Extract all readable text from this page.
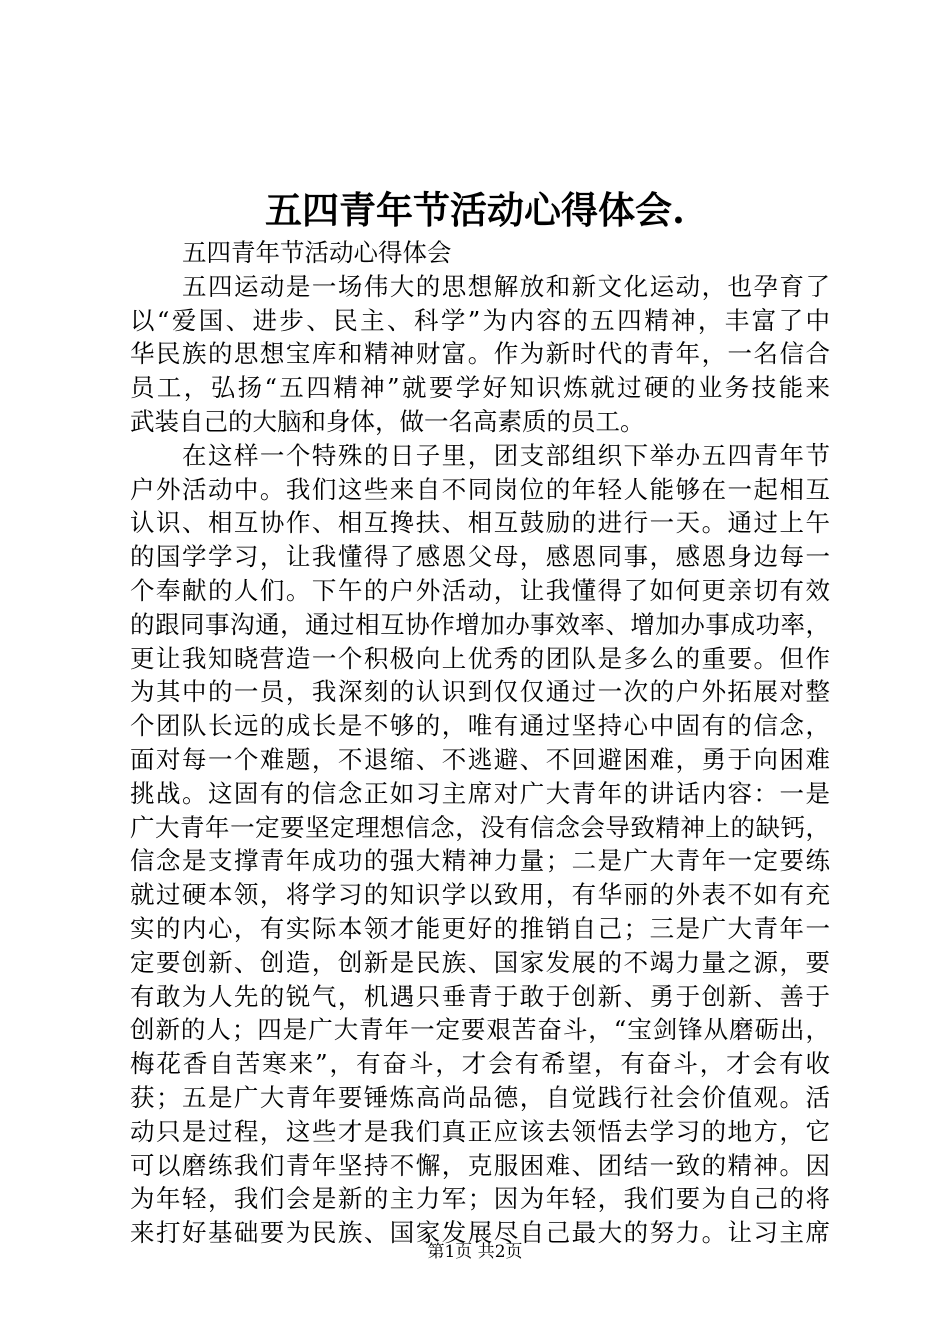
五四青年节活动心得体会.
五四青年节活动心得体会
五四运动是一场伟大的思想解放和新文化运动，也孕育了
以“爱国、进步、民主、科学”为内容的五四精神，丰富了中
华民族的思想宝库和精神财富。作为新时代的青年，一名信合
员工，弘扬“五四精神”就要学好知识炼就过硬的业务技能来
武装自己的大脑和身体，做一名高素质的员工。
在这样一个特殊的日子里，团支部组织下举办五四青年节
户外活动中。我们这些来自不同岗位的年轻人能够在一起相互
认识、相互协作、相互搀扶、相互鼓励的进行一天。通过上午
的国学学习，让我懂得了感恩父母，感恩同事，感恩身边每一
个奉献的人们。下午的户外活动，让我懂得了如何更亲切有效
的跟同事沟通，通过相互协作增加办事效率、增加办事成功率，
更让我知晓营造一个积极向上优秀的团队是多么的重要。但作
为其中的一员，我深刻的认识到仅仅通过一次的户外拓展对整
个团队长远的成长是不够的，唯有通过坚持心中固有的信念，
面对每一个难题，不退缩、不逃避、不回避困难，勇于向困难
挑战。这固有的信念正如习主席对广大青年的讲话内容：一是
广大青年一定要坚定理想信念，没有信念会导致精神上的缺钙，
信念是支撑青年成功的强大精神力量；二是广大青年一定要练
就过硬本领，将学习的知识学以致用，有华丽的外表不如有充
实的内心，有实际本领才能更好的推销自己；三是广大青年一
定要创新、创造，创新是民族、国家发展的不竭力量之源，要
有敢为人先的锐气，机遇只垂青于敢于创新、勇于创新、善于
创新的人；四是广大青年一定要艰苦奋斗，“宝剑锋从磨砺出，
梅花香自苦寒来”，有奋斗，才会有希望，有奋斗，才会有收
获；五是广大青年要锤炼高尚品德，自觉践行社会价值观。活
动只是过程，这些才是我们真正应该去领悟去学习的地方，它
可以磨练我们青年坚持不懈，克服困难、团结一致的精神。因
为年轻，我们会是新的主力军；因为年轻，我们要为自己的将
来打好基础要为民族、国家发展尽自己最大的努力。让习主席
第1页 共2页
